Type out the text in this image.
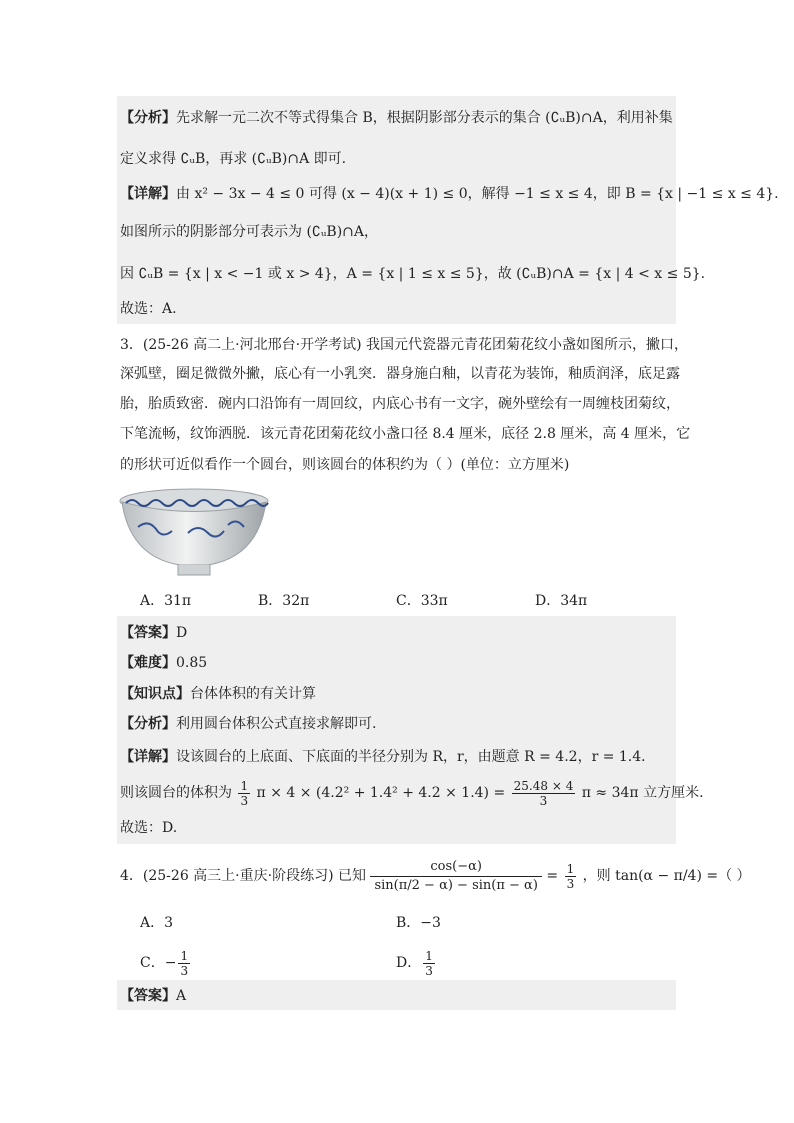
【分析】先求解一元二次不等式得集合 B，根据阴影部分表示的集合 (∁ᵤB)∩A，利用补集
定义求得 ∁ᵤB，再求 (∁ᵤB)∩A 即可.
【详解】由 x² − 3x − 4 ≤ 0 可得 (x − 4)(x + 1) ≤ 0，解得 −1 ≤ x ≤ 4，即 B = {x | −1 ≤ x ≤ 4}.
如图所示的阴影部分可表示为 (∁ᵤB)∩A，
因 ∁ᵤB = {x | x < −1 或 x > 4}，A = {x | 1 ≤ x ≤ 5}，故 (∁ᵤB)∩A = {x | 4 < x ≤ 5}.
故选：A.
3．(25-26 高二上·河北邢台·开学考试) 我国元代瓷器元青花团菊花纹小盏如图所示，撇口，
深弧壁，圈足微微外撇，底心有一小乳突．器身施白釉，以青花为装饰，釉质润泽，底足露
胎，胎质致密．碗内口沿饰有一周回纹，内底心书有一文字，碗外壁绘有一周缠枝团菊纹，
下笔流畅，纹饰洒脱．该元青花团菊花纹小盏口径 8.4 厘米，底径 2.8 厘米，高 4 厘米，它
的形状可近似看作一个圆台，则该圆台的体积约为（ ）(单位：立方厘米)
A．31π	B．32π	C．33π	D．34π
【答案】D
【难度】0.85
【知识点】台体体积的有关计算
【分析】利用圆台体积公式直接求解即可.
【详解】设该圆台的上底面、下底面的半径分别为 R，r，由题意 R = 4.2，r = 1.4．
则该圆台的体积为 $\frac{1}{3}$ $\pi \times 4 \times (4.2^2 + 1.4^2 + 4.2 \times 1.4) = \frac{25.48 \times 4}{3}$ π ≈ 34π 立方厘米.
故选：D.
4．(25-26 高三上·重庆·阶段练习) 已知 $\frac{\cos(-\alpha)}{\sin(\pi/2 - \alpha) - \sin(\pi - \alpha)} = \frac{1}{3}$ ，则 tan(α − π/4) =（ ）
A．3	B．−3
C．− $\frac{1}{3}$	D． $\frac{1}{3}$
【答案】A
